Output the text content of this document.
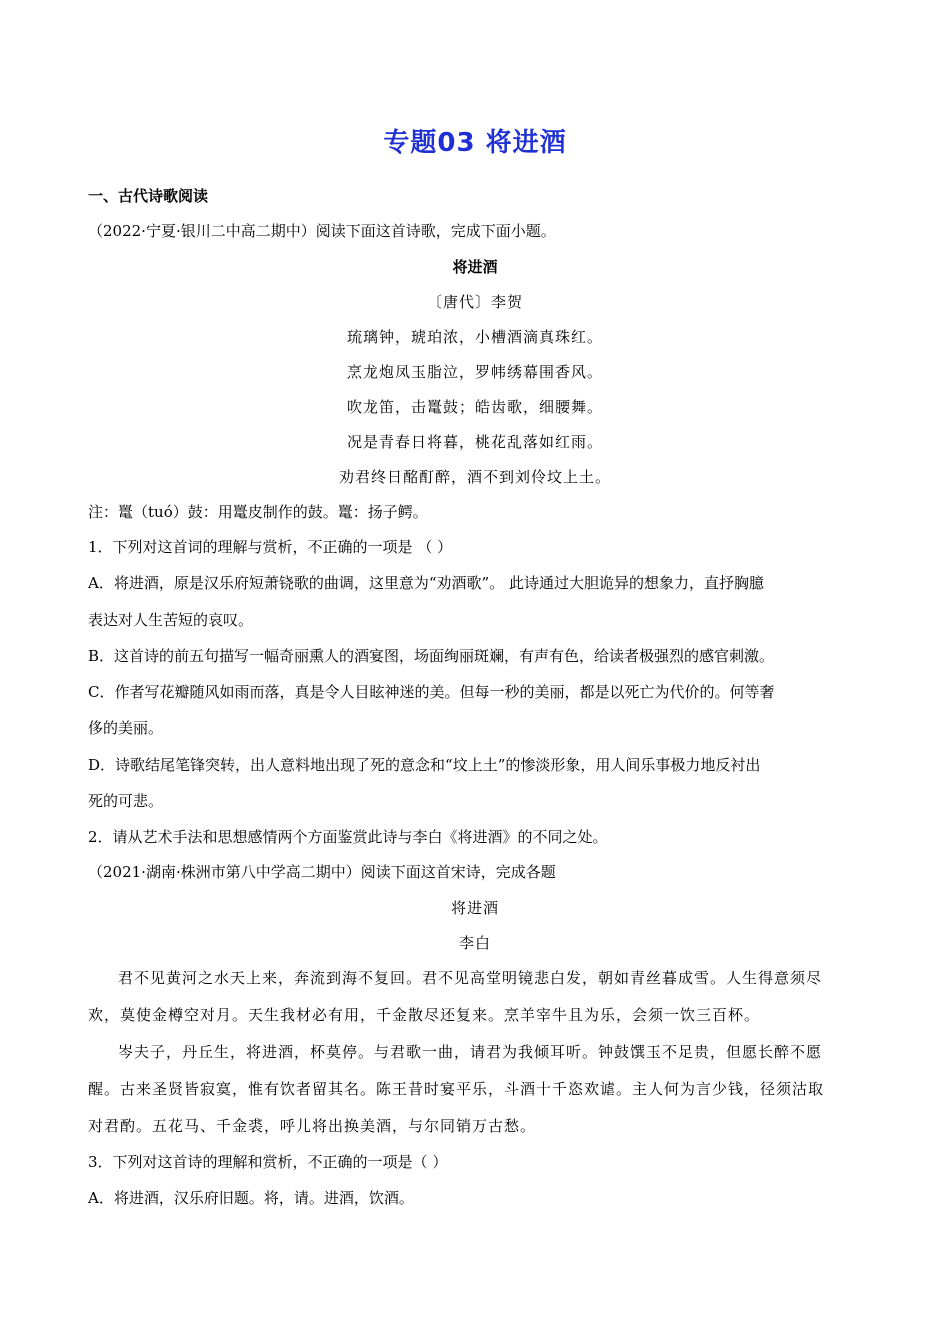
专题03 将进酒
一、古代诗歌阅读
（2022·宁夏·银川二中高二期中）阅读下面这首诗歌，完成下面小题。
将进酒
〔唐代〕李贺
琉璃钟，琥珀浓，小槽酒滴真珠红。
烹龙炮凤玉脂泣，罗帏绣幕围香风。
吹龙笛，击鼍鼓；皓齿歌，细腰舞。
况是青春日将暮，桃花乱落如红雨。
劝君终日酩酊醉，酒不到刘伶坟上土。
注：鼍（tuó）鼓：用鼍皮制作的鼓。鼍：扬子鳄。
1．下列对这首词的理解与赏析，不正确的一项是 （ ）
A．将进酒，原是汉乐府短萧铙歌的曲调，这里意为“劝酒歌”。 此诗通过大胆诡异的想象力，直抒胸臆
表达对人生苦短的哀叹。
B．这首诗的前五句描写一幅奇丽熏人的酒宴图，场面绚丽斑斓，有声有色，给读者极强烈的感官刺激。
C．作者写花瓣随风如雨而落，真是令人目眩神迷的美。但每一秒的美丽，都是以死亡为代价的。何等奢
侈的美丽。
D．诗歌结尾笔锋突转，出人意料地出现了死的意念和“坟上土”的惨淡形象，用人间乐事极力地反衬出
死的可悲。
2．请从艺术手法和思想感情两个方面鉴赏此诗与李白《将进酒》的不同之处。
（2021·湖南·株洲市第八中学高二期中）阅读下面这首宋诗，完成各题
将进酒
李白
君不见黄河之水天上来，奔流到海不复回。君不见高堂明镜悲白发，朝如青丝暮成雪。人生得意须尽
欢，莫使金樽空对月。天生我材必有用，千金散尽还复来。烹羊宰牛且为乐，会须一饮三百杯。
岑夫子，丹丘生，将进酒，杯莫停。与君歌一曲，请君为我倾耳听。钟鼓馔玉不足贵，但愿长醉不愿
醒。古来圣贤皆寂寞，惟有饮者留其名。陈王昔时宴平乐，斗酒十千恣欢谑。主人何为言少钱，径须沽取
对君酌。五花马、千金裘，呼儿将出换美酒，与尔同销万古愁。
3．下列对这首诗的理解和赏析，不正确的一项是（ ）
A．将进酒，汉乐府旧题。将，请。进酒，饮酒。
